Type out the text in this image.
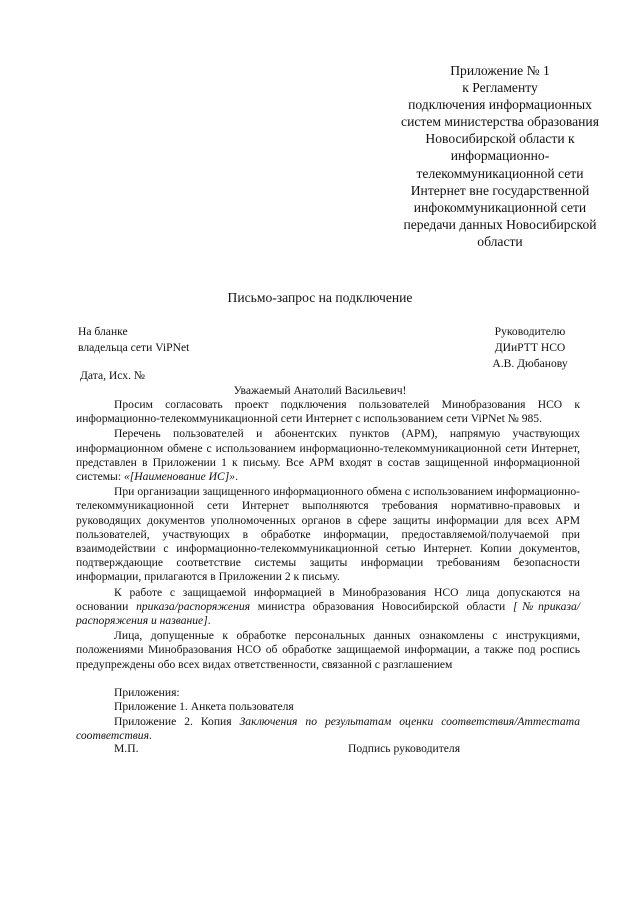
Приложение № 1
к Регламенту
подключения информационных
систем министерства образования
Новосибирской области к
информационно-
телекоммуникационной сети
Интернет вне государственной
инфокоммуникационной сети
передачи данных Новосибирской
области
Письмо-запрос на подключение
На бланке
владельца сети ViPNet
Руководителю
ДИиРТТ НСО
А.В. Дюбанову
Дата, Исх. №
Уважаемый Анатолий Васильевич!

Просим согласовать проект подключения пользователей Минобразования НСО к информационно-телекоммуникационной сети Интернет с использованием сети ViPNet № 985.

Перечень пользователей и абонентских пунктов (АРМ), напрямую участвующих информационном обмене с использованием информационно-телекоммуникационной сети Интернет, представлен в Приложении 1 к письму. Все АРМ входят в состав защищенной информационной системы: «[Наименование ИС]».

При организации защищенного информационного обмена с использованием информационно-телекоммуникационной сети Интернет выполняются требования нормативно-правовых и руководящих документов уполномоченных органов в сфере защиты информации для всех АРМ пользователей, участвующих в обработке информации, предоставляемой/получаемой при взаимодействии с информационно-телекоммуникационной сетью Интернет. Копии документов, подтверждающие соответствие системы защиты информации требованиям безопасности информации, прилагаются в Приложении 2 к письму.

К работе с защищаемой информацией в Минобразования НСО лица допускаются на основании приказа/распоряжения министра образования Новосибирской области [№приказа/распоряжения и название].

Лица, допущенные к обработке персональных данных ознакомлены с инструкциями, положениями Минобразования НСО об обработке защищаемой информации, а также под роспись предупреждены обо всех видах ответственности, связанной с разглашением

Приложения:
Приложение 1. Анкета пользователя
Приложение 2. Копия Заключения по результатам оценки соответствия/Аттестата соответствия.
М.П.	Подпись руководителя
